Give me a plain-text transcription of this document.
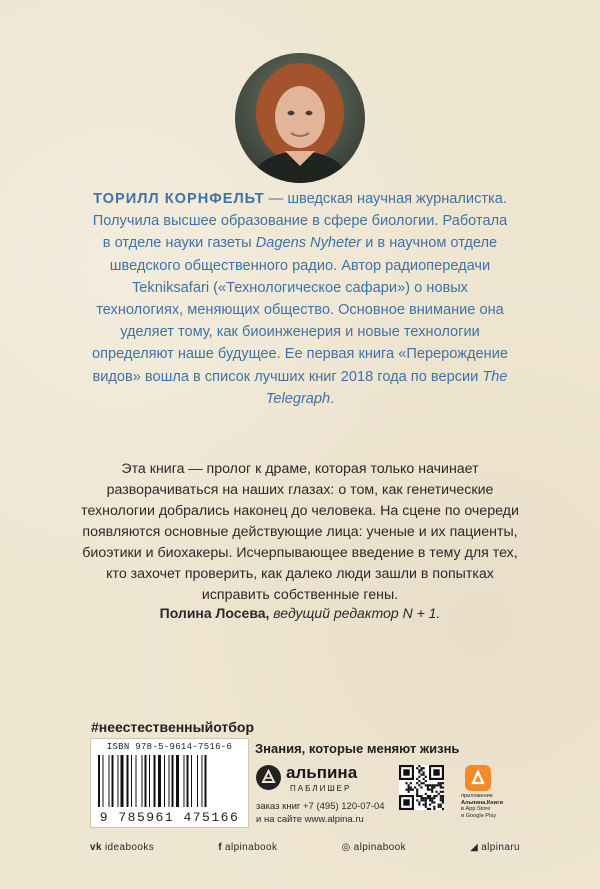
ТОРИЛЛ КОРНФЕЛЬТ — шведская научная журналистка. Получила высшее образование в сфере биологии. Работала в отделе науки газеты Dagens Nyheter и в научном отделе шведского общественного радио. Автор радиопередачи Tekniksafari («Технологическое сафари») о новых технологиях, меняющих общество. Основное внимание она уделяет тому, как биоинженерия и новые технологии определяют наше будущее. Ее первая книга «Перерождение видов» вошла в список лучших книг 2018 года по версии The Telegraph.
Эта книга — пролог к драме, которая только начинает разворачиваться на наших глазах: о том, как генетические технологии добрались наконец до человека. На сцене по очереди появляются основные действующие лица: ученые и их пациенты, биоэтики и биохакеры. Исчерпывающее введение в тему для тех, кто захочет проверить, как далеко люди зашли в попытках исправить собственные гены.
Полина Лосева, ведущий редактор N + 1.
#неестественныйотбор
ISBN 978-5-9614-7516-6
9 785961 475166
Знания, которые меняют жизнь
альпина
ПАБЛИШЕР
заказ книг +7 (495) 120-07-04
и на сайте www.alpina.ru
приложение
Альпина.Книги
в App Store
и Google Play
vk ideabooks	f alpinabook	◎ alpinabook	◢ alpinaru
